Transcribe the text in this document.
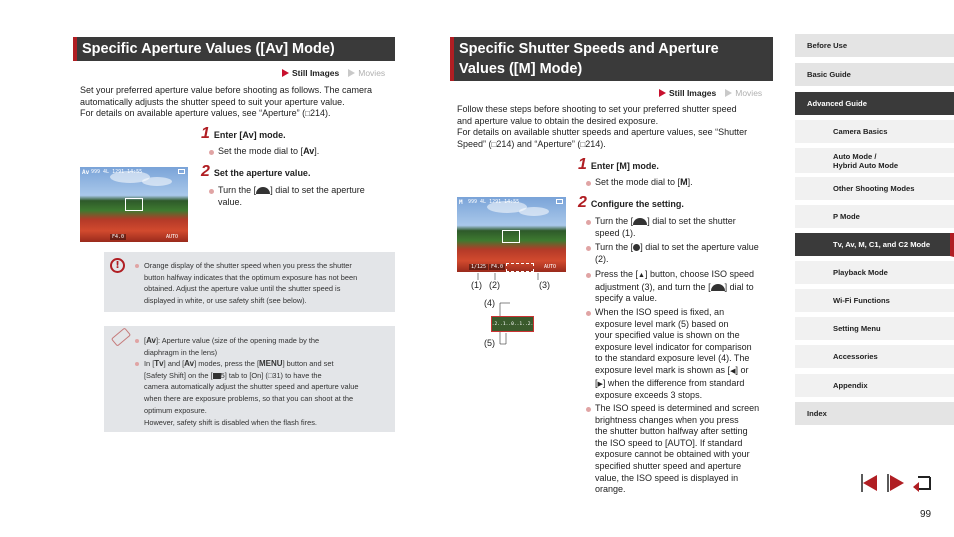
Specific Aperture Values ([Av] Mode)
Still Images Movies
Set your preferred aperture value before shooting as follows. The camera
automatically adjusts the shutter speed to suit your aperture value.
For details on available aperture values, see “Aperture” (□214).
1 Enter [Av] mode.
Set the mode dial to [Av].
2 Set the aperture value.
Turn the [ ] dial to set the aperture
value.
Av 999 4L 1291 14:55
F4.0	AUTO
!	Orange display of the shutter speed when you press the shutter
button halfway indicates that the optimum exposure has not been
obtained. Adjust the aperture value until the shutter speed is
displayed in white, or use safety shift (see below).
[Av]: Aperture value (size of the opening made by the
diaphragm in the lens)
In [Tv] and [Av] modes, press the [MENU] button and set
[Safety Shift] on the [ 5] tab to [On] (□31) to have the
camera automatically adjust the shutter speed and aperture value
when there are exposure problems, so that you can shoot at the
optimum exposure.
However, safety shift is disabled when the flash fires.
Specific Shutter Speeds and Aperture
Values ([M] Mode)
Still Images Movies
Follow these steps before shooting to set your preferred shutter speed
and aperture value to obtain the desired exposure.
For details on available shutter speeds and aperture values, see “Shutter
Speed” (□214) and “Aperture” (□214).
1 Enter [M] mode.
Set the mode dial to [M].
2 Configure the setting.
Turn the [ ] dial to set the shutter
speed (1).
Turn the [ ] dial to set the aperture value
(2).
Press the [▲] button, choose ISO speed
adjustment (3), and turn the [ ] dial to
specify a value.
When the ISO speed is fixed, an
exposure level mark (5) based on
your specified value is shown on the
exposure level indicator for comparison
to the standard exposure level (4). The
exposure level mark is shown as [◀] or
[▶] when the difference from standard
exposure exceeds 3 stops.
The ISO speed is determined and screen
brightness changes when you press
the shutter button halfway after setting
the ISO speed to [AUTO]. If standard
exposure cannot be obtained with your
specified shutter speed and aperture
value, the ISO speed is displayed in
orange.
M 999 4L 1291 14:55
1/125 F4.0	AUTO
(1) (2)	(3)
(4)
(5)
3..2..1..0..1..2..3
Before Use
Basic Guide
Advanced Guide
Camera Basics
Auto Mode /
Hybrid Auto Mode
Other Shooting Modes
P Mode
Tv, Av, M, C1, and C2 Mode
Playback Mode
Wi-Fi Functions
Setting Menu
Accessories
Appendix
Index
99
